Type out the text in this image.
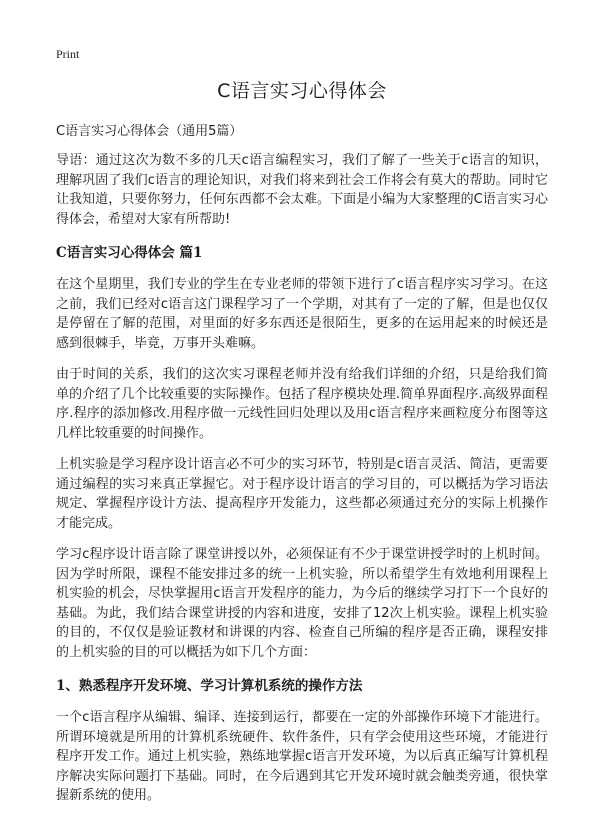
Print
C语言实习心得体会
C语言实习心得体会（通用5篇）

导语：通过这次为数不多的几天c语言编程实习，我们了解了一些关于c语言的知识，理解巩固了我们c语言的理论知识，对我们将来到社会工作将会有莫大的帮助。同时它让我知道，只要你努力，任何东西都不会太难。下面是小编为大家整理的C语言实习心得体会，希望对大家有所帮助!

C语言实习心得体会 篇1

在这个星期里，我们专业的学生在专业老师的带领下进行了c语言程序实习学习。在这之前，我们已经对c语言这门课程学习了一个学期，对其有了一定的了解，但是也仅仅是停留在了解的范围，对里面的好多东西还是很陌生，更多的在运用起来的时候还是感到很棘手，毕竟，万事开头难嘛。

由于时间的关系，我们的这次实习课程老师并没有给我们详细的介绍，只是给我们简单的介绍了几个比较重要的实际操作。包括了程序模块处理.简单界面程序.高级界面程序.程序的添加修改.用程序做一元线性回归处理以及用c语言程序来画粒度分布图等这几样比较重要的时间操作。

上机实验是学习程序设计语言必不可少的实习环节，特别是c语言灵活、简洁，更需要通过编程的实习来真正掌握它。对于程序设计语言的学习目的，可以概括为学习语法规定、掌握程序设计方法、提高程序开发能力，这些都必须通过充分的实际上机操作才能完成。

学习c程序设计语言除了课堂讲授以外，必须保证有不少于课堂讲授学时的上机时间。因为学时所限，课程不能安排过多的统一上机实验，所以希望学生有效地利用课程上机实验的机会，尽快掌握用c语言开发程序的能力，为今后的继续学习打下一个良好的基础。为此，我们结合课堂讲授的内容和进度，安排了12次上机实验。课程上机实验的目的，不仅仅是验证教材和讲课的内容、检查自己所编的程序是否正确，课程安排的上机实验的目的可以概括为如下几个方面：

1、熟悉程序开发环境、学习计算机系统的操作方法

一个c语言程序从编辑、编译、连接到运行，都要在一定的外部操作环境下才能进行。所谓环境就是所用的计算机系统硬件、软件条件，只有学会使用这些环境，才能进行程序开发工作。通过上机实验，熟练地掌握c语言开发环境，为以后真正编写计算机程序解决实际问题打下基础。同时，在今后遇到其它开发环境时就会触类旁通，很快掌握新系统的使用。
